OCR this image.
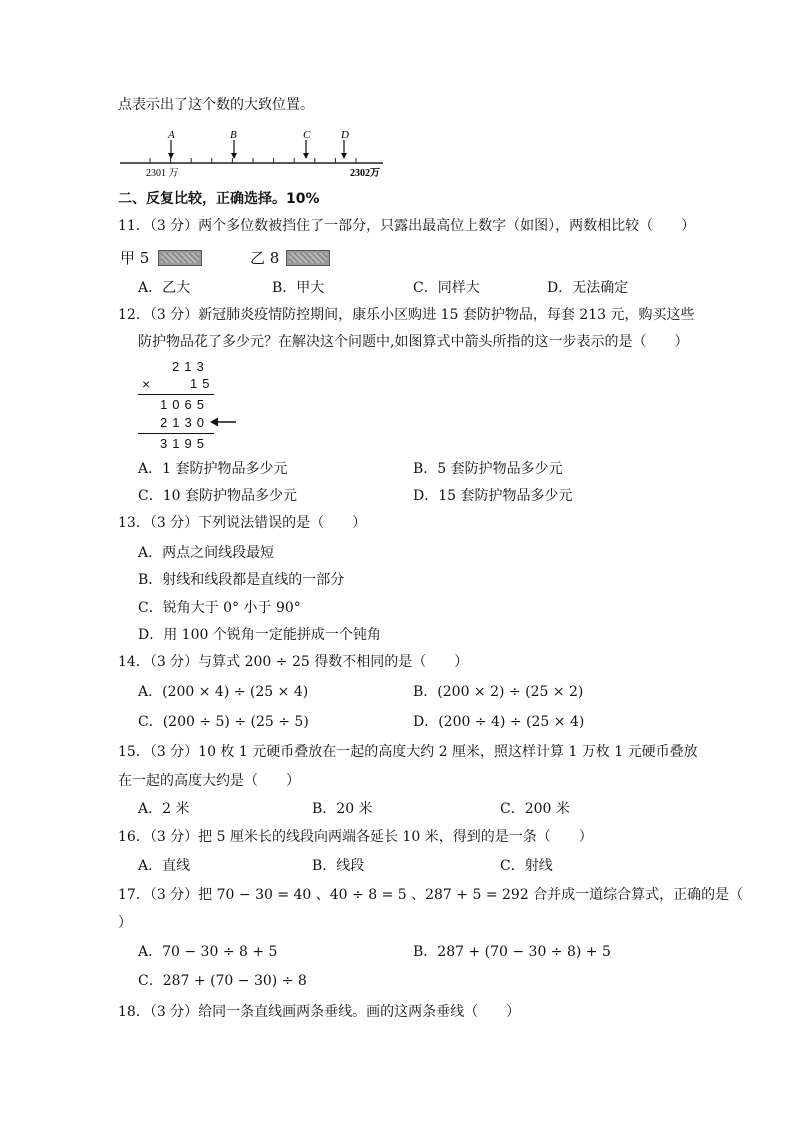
点表示出了这个数的大致位置。
A	B	C	D
2301 万	2302万
二、反复比较，正确选择。10%
11．（3 分）两个多位数被挡住了一部分，只露出最高位上数字（如图），两数相比较（　　）
甲 5	乙 8
A．乙大	B．甲大	C．同样大	D．无法确定
12．（3 分）新冠肺炎疫情防控期间，康乐小区购进 15 套防护物品，每套 213 元，购买这些
防护物品花了多少元？在解决这个问题中,如图算式中箭头所指的这一步表示的是（　　）
213
×	15
1065
2130
3195
A．1 套防护物品多少元	B．5 套防护物品多少元
C．10 套防护物品多少元	D．15 套防护物品多少元
13．（3 分）下列说法错误的是（　　）
A．两点之间线段最短
B．射线和线段都是直线的一部分
C．锐角大于 0° 小于 90°
D．用 100 个锐角一定能拼成一个钝角
14．（3 分）与算式 200 ÷ 25 得数不相同的是（　　）
A．(200 × 4) ÷ (25 × 4)	B．(200 × 2) ÷ (25 × 2)
C．(200 ÷ 5) ÷ (25 ÷ 5)	D．(200 ÷ 4) ÷ (25 × 4)
15．（3 分）10 枚 1 元硬币叠放在一起的高度大约 2 厘米，照这样计算 1 万枚 1 元硬币叠放
在一起的高度大约是（　　）
A．2 米	B．20 米	C．200 米
16．（3 分）把 5 厘米长的线段向两端各延长 10 米，得到的是一条（　　）
A．直线	B．线段	C．射线
17．（3 分）把 70 − 30 = 40 、40 ÷ 8 = 5 、287 + 5 = 292 合并成一道综合算式，正确的是（
）
A．70 − 30 ÷ 8 + 5	B．287 + (70 − 30 ÷ 8) + 5
C．287 + (70 − 30) ÷ 8
18．（3 分）给同一条直线画两条垂线。画的这两条垂线（　　）
